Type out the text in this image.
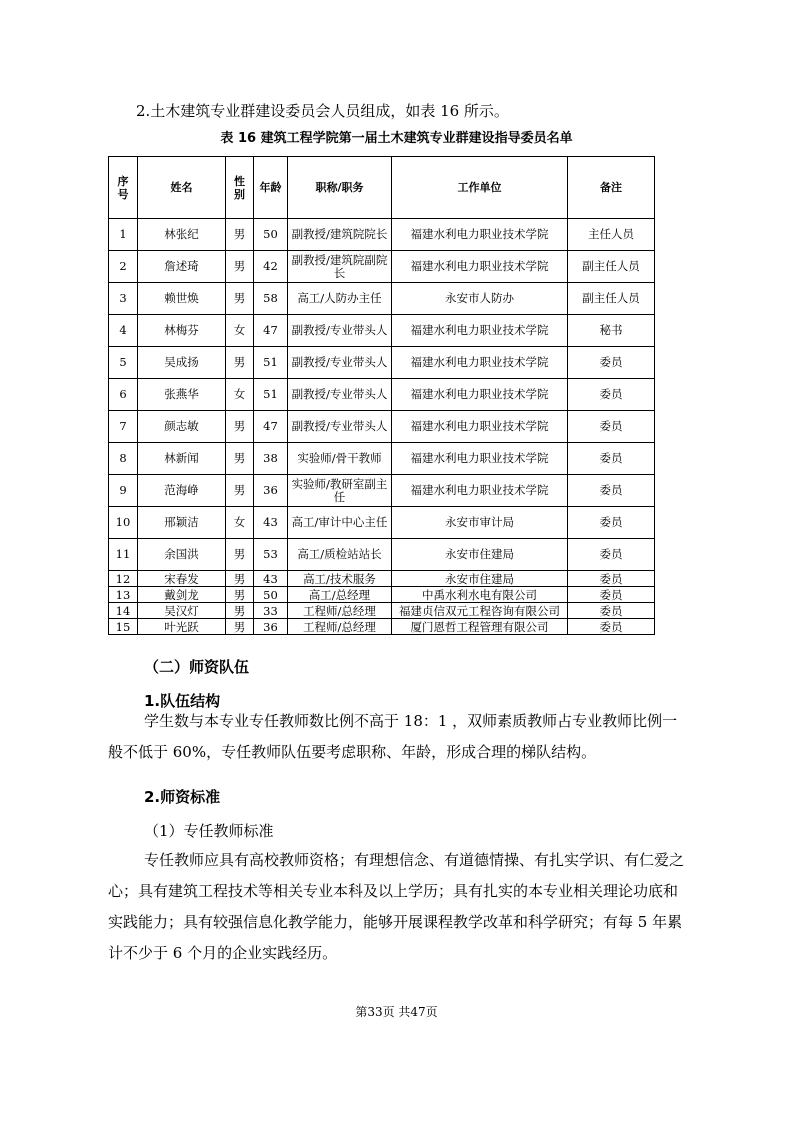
2.土木建筑专业群建设委员会人员组成，如表 16 所示。
表 16 建筑工程学院第一届土木建筑专业群建设指导委员名单
序号	姓名	性别	年龄	职称/职务	工作单位	备注
1	林张纪	男	50	副教授/建筑院院长	福建水利电力职业技术学院	主任人员
2	詹述琦	男	42	副教授/建筑院副院长	福建水利电力职业技术学院	副主任人员
3	赖世焕	男	58	高工/人防办主任	永安市人防办	副主任人员
4	林梅芬	女	47	副教授/专业带头人	福建水利电力职业技术学院	秘书
5	吴成扬	男	51	副教授/专业带头人	福建水利电力职业技术学院	委员
6	张燕华	女	51	副教授/专业带头人	福建水利电力职业技术学院	委员
7	颜志敏	男	47	副教授/专业带头人	福建水利电力职业技术学院	委员
8	林新闻	男	38	实验师/骨干教师	福建水利电力职业技术学院	委员
9	范海峥	男	36	实验师/教研室副主任	福建水利电力职业技术学院	委员
10	邢颖洁	女	43	高工/审计中心主任	永安市审计局	委员
11	余国洪	男	53	高工/质检站站长	永安市住建局	委员
12	宋春发	男	43	高工/技术服务	永安市住建局	委员
13	戴剑龙	男	50	高工/总经理	中禹水利水电有限公司	委员
14	吴汉灯	男	33	工程师/总经理	福建贞信双元工程咨询有限公司	委员
15	叶光跃	男	36	工程师/总经理	厦门恩哲工程管理有限公司	委员
（二）师资队伍
1.队伍结构
学生数与本专业专任教师数比例不高于 18：1 ，双师素质教师占专业教师比例一般不低于 60%，专任教师队伍要考虑职称、年龄，形成合理的梯队结构。
2.师资标准
（1）专任教师标准
专任教师应具有高校教师资格；有理想信念、有道德情操、有扎实学识、有仁爱之心；具有建筑工程技术等相关专业本科及以上学历；具有扎实的本专业相关理论功底和实践能力；具有较强信息化教学能力，能够开展课程教学改革和科学研究；有每 5 年累计不少于 6 个月的企业实践经历。
第33页 共47页
